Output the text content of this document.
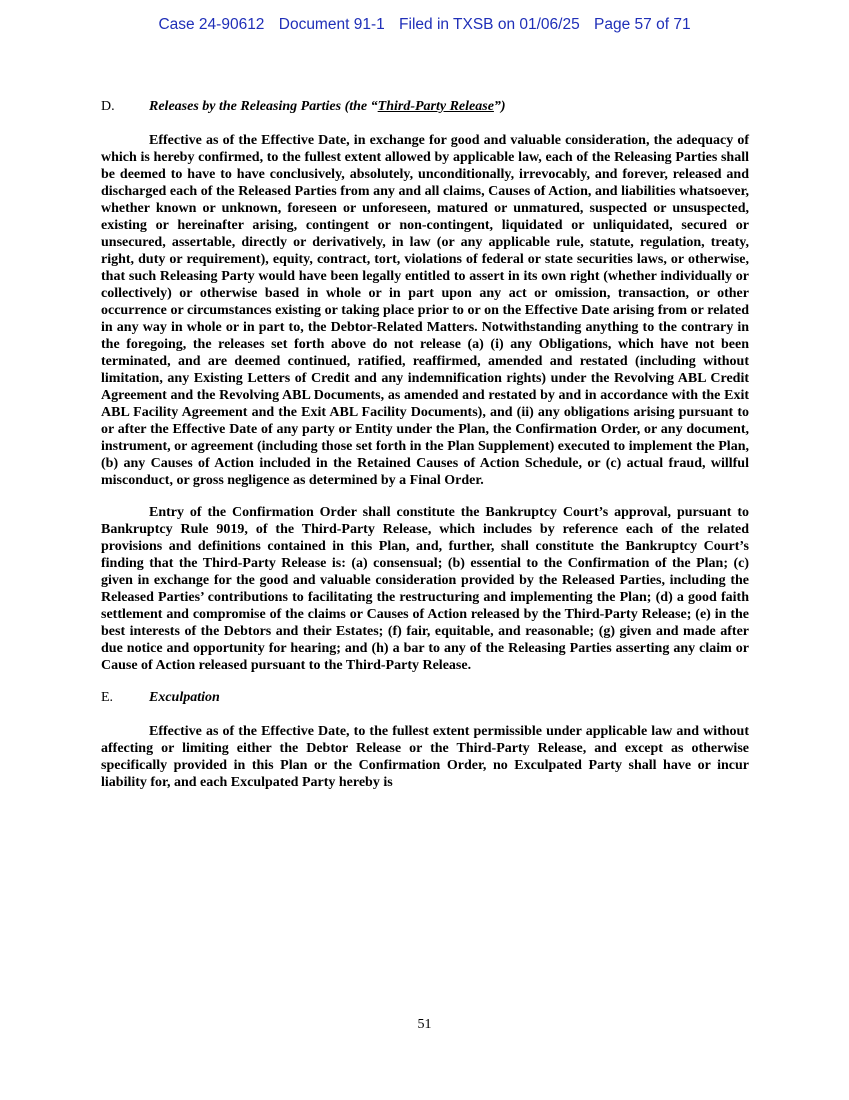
Case 24-90612 Document 91-1 Filed in TXSB on 01/06/25 Page 57 of 71
D.	Releases by the Releasing Parties (the “Third-Party Release”)

Effective as of the Effective Date, in exchange for good and valuable consideration, the adequacy of which is hereby confirmed, to the fullest extent allowed by applicable law, each of the Releasing Parties shall be deemed to have to have conclusively, absolutely, unconditionally, irrevocably, and forever, released and discharged each of the Released Parties from any and all claims, Causes of Action, and liabilities whatsoever, whether known or unknown, foreseen or unforeseen, matured or unmatured, suspected or unsuspected, existing or hereinafter arising, contingent or non-contingent, liquidated or unliquidated, secured or unsecured, assertable, directly or derivatively, in law (or any applicable rule, statute, regulation, treaty, right, duty or requirement), equity, contract, tort, violations of federal or state securities laws, or otherwise, that such Releasing Party would have been legally entitled to assert in its own right (whether individually or collectively) or otherwise based in whole or in part upon any act or omission, transaction, or other occurrence or circumstances existing or taking place prior to or on the Effective Date arising from or related in any way in whole or in part to, the Debtor-Related Matters. Notwithstanding anything to the contrary in the foregoing, the releases set forth above do not release (a) (i) any Obligations, which have not been terminated, and are deemed continued, ratified, reaffirmed, amended and restated (including without limitation, any Existing Letters of Credit and any indemnification rights) under the Revolving ABL Credit Agreement and the Revolving ABL Documents, as amended and restated by and in accordance with the Exit ABL Facility Agreement and the Exit ABL Facility Documents), and (ii) any obligations arising pursuant to or after the Effective Date of any party or Entity under the Plan, the Confirmation Order, or any document, instrument, or agreement (including those set forth in the Plan Supplement) executed to implement the Plan, (b) any Causes of Action included in the Retained Causes of Action Schedule, or (c) actual fraud, willful misconduct, or gross negligence as determined by a Final Order.

Entry of the Confirmation Order shall constitute the Bankruptcy Court’s approval, pursuant to Bankruptcy Rule 9019, of the Third-Party Release, which includes by reference each of the related provisions and definitions contained in this Plan, and, further, shall constitute the Bankruptcy Court’s finding that the Third-Party Release is: (a) consensual; (b) essential to the Confirmation of the Plan; (c) given in exchange for the good and valuable consideration provided by the Released Parties, including the Released Parties’ contributions to facilitating the restructuring and implementing the Plan; (d) a good faith settlement and compromise of the claims or Causes of Action released by the Third-Party Release; (e) in the best interests of the Debtors and their Estates; (f) fair, equitable, and reasonable; (g) given and made after due notice and opportunity for hearing; and (h) a bar to any of the Releasing Parties asserting any claim or Cause of Action released pursuant to the Third-Party Release.

E.	Exculpation

Effective as of the Effective Date, to the fullest extent permissible under applicable law and without affecting or limiting either the Debtor Release or the Third-Party Release, and except as otherwise specifically provided in this Plan or the Confirmation Order, no Exculpated Party shall have or incur liability for, and each Exculpated Party hereby is

51
